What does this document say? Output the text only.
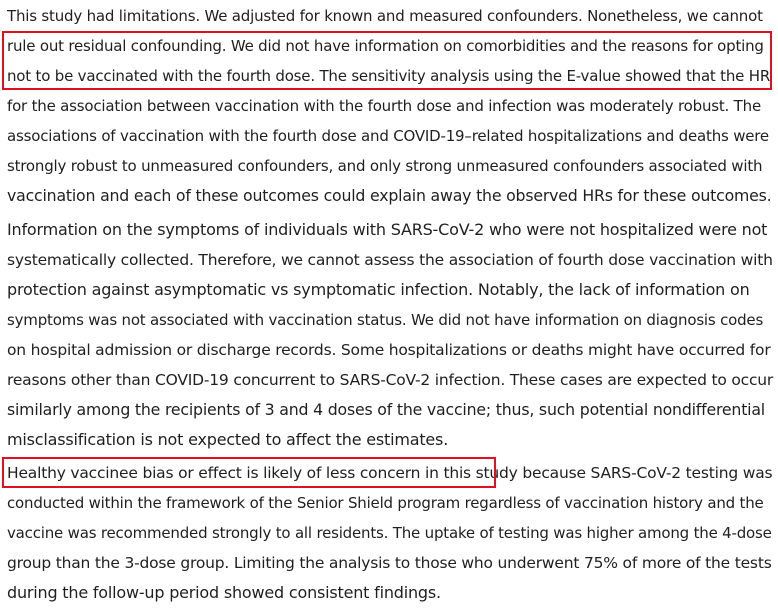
This study had limitations. We adjusted for known and measured confounders. Nonetheless, we cannot
rule out residual confounding. We did not have information on comorbidities and the reasons for opting
not to be vaccinated with the fourth dose. The sensitivity analysis using the E-value showed that the HR
for the association between vaccination with the fourth dose and infection was moderately robust. The
associations of vaccination with the fourth dose and COVID-19–related hospitalizations and deaths were
strongly robust to unmeasured confounders, and only strong unmeasured confounders associated with
vaccination and each of these outcomes could explain away the observed HRs for these outcomes.
Information on the symptoms of individuals with SARS-CoV-2 who were not hospitalized were not
systematically collected. Therefore, we cannot assess the association of fourth dose vaccination with
protection against asymptomatic vs symptomatic infection. Notably, the lack of information on
symptoms was not associated with vaccination status. We did not have information on diagnosis codes
on hospital admission or discharge records. Some hospitalizations or deaths might have occurred for
reasons other than COVID-19 concurrent to SARS-CoV-2 infection. These cases are expected to occur
similarly among the recipients of 3 and 4 doses of the vaccine; thus, such potential nondifferential
misclassification is not expected to affect the estimates.
Healthy vaccinee bias or effect is likely of less concern in this study because SARS-CoV-2 testing was
conducted within the framework of the Senior Shield program regardless of vaccination history and the
vaccine was recommended strongly to all residents. The uptake of testing was higher among the 4-dose
group than the 3-dose group. Limiting the analysis to those who underwent 75% of more of the tests
during the follow-up period showed consistent findings.
